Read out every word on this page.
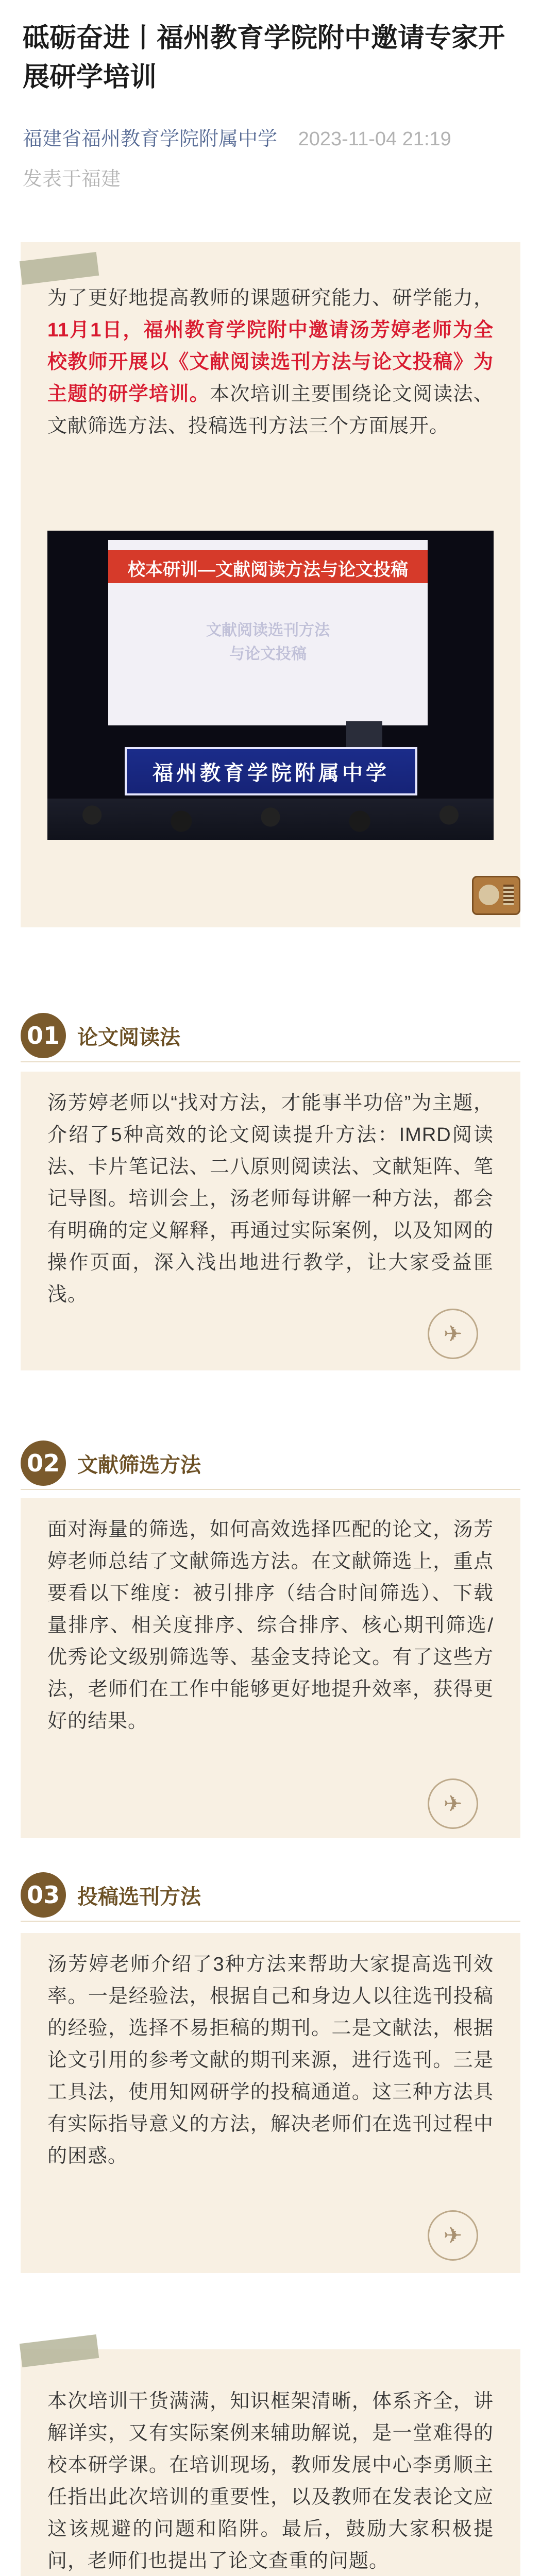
砥砺奋进丨福州教育学院附中邀请专家开展研学培训
福建省福州教育学院附属中学 2023-11-04 21:19
发表于福建

为了更好地提高教师的课题研究能力、研学能力，11月1日，福州教育学院附中邀请汤芳婷老师为全校教师开展以《文献阅读选刊方法与论文投稿》为主题的研学培训。本次培训主要围绕论文阅读法、文献筛选方法、投稿选刊方法三个方面展开。

校本研训—文献阅读方法与论文投稿
文献阅读选刊方法
与论文投稿
福州教育学院附属中学
01 论文阅读法

汤芳婷老师以“找对方法，才能事半功倍”为主题，介绍了5种高效的论文阅读提升方法：IMRD阅读法、卡片笔记法、二八原则阅读法、文献矩阵、笔记导图。培训会上，汤老师每讲解一种方法，都会有明确的定义解释，再通过实际案例，以及知网的操作页面，深入浅出地进行教学，让大家受益匪浅。

✈
02 文献筛选方法

面对海量的筛选，如何高效选择匹配的论文，汤芳婷老师总结了文献筛选方法。在文献筛选上，重点要看以下维度：被引排序（结合时间筛选）、下载量排序、相关度排序、综合排序、核心期刊筛选/优秀论文级别筛选等、基金支持论文。有了这些方法，老师们在工作中能够更好地提升效率，获得更好的结果。

✈
03 投稿选刊方法

汤芳婷老师介绍了3种方法来帮助大家提高选刊效率。一是经验法，根据自己和身边人以往选刊投稿的经验，选择不易拒稿的期刊。二是文献法，根据论文引用的参考文献的期刊来源，进行选刊。三是工具法，使用知网研学的投稿通道。这三种方法具有实际指导意义的方法，解决老师们在选刊过程中的困惑。

✈

本次培训干货满满，知识框架清晰，体系齐全，讲解详实，又有实际案例来辅助解说，是一堂难得的校本研学课。在培训现场，教师发展中心李勇顺主任指出此次培训的重要性，以及教师在发表论文应这该规避的问题和陷阱。最后，鼓励大家积极提问，老师们也提出了论文查重的问题。
